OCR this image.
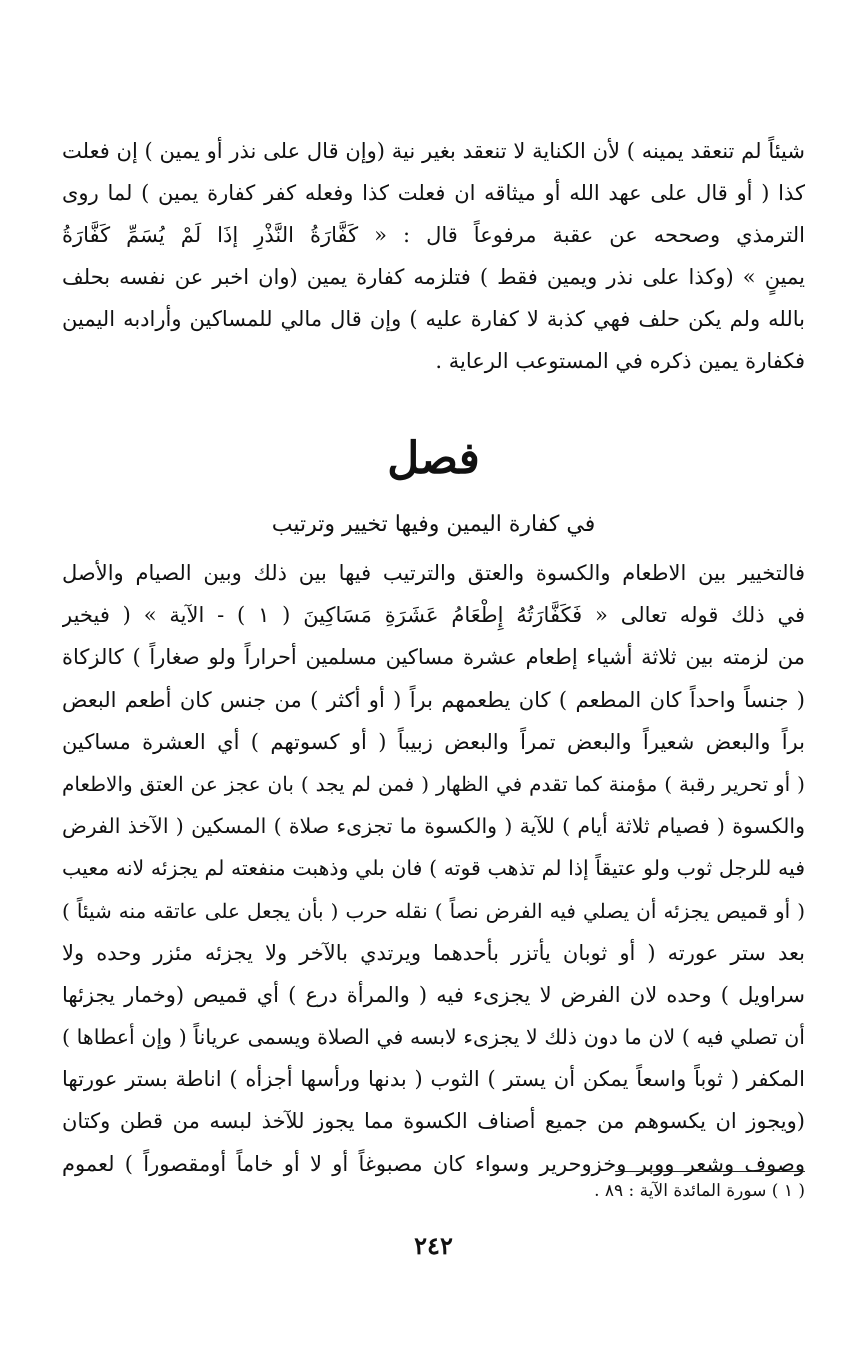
شيئاً لم تنعقد يمينه ) لأن الكناية لا تنعقد بغير نية (وإن قال على نذر أو يمين ) إن فعلت
كذا ( أو قال على عهد الله أو ميثاقه ان فعلت كذا وفعله كفر كفارة يمين ) لما روى
الترمذي وصححه عن عقبة مرفوعاً قال : « كَفَّارَةُ النَّذْرِ إذَا لَمْ يُسَمِّ كَفَّارَةُ
يمينٍ » (وكذا على نذر ويمين فقط ) فتلزمه كفارة يمين (وان اخبر عن نفسه بحلف
بالله ولم يكن حلف فهي كذبة لا كفارة عليه ) وإن قال مالي للمساكين وأرادبه اليمين
فكفارة يمين ذكره في المستوعب الرعاية .
فصل
في كفارة اليمين وفيها تخيير وترتيب
فالتخيير بين الاطعام والكسوة والعتق والترتيب فيها بين ذلك وبين الصيام والأصل
في ذلك قوله تعالى « فَكَفَّارَتُهُ إِطْعَامُ عَشَرَةِ مَسَاكِينَ ( ١ ) - الآية » ( فيخير
من لزمته بين ثلاثة أشياء إطعام عشرة مساكين مسلمين أحراراً ولو صغاراً ) كالزكاة
( جنساً واحداً كان المطعم ) كان يطعمهم براً ( أو أكثر ) من جنس كان أطعم البعض
براً والبعض شعيراً والبعض تمراً والبعض زبيباً ( أو كسوتهم ) أي العشرة مساكين
( أو تحرير رقبة ) مؤمنة كما تقدم في الظهار ( فمن لم يجد ) بان عجز عن العتق والاطعام
والكسوة ( فصيام ثلاثة أيام ) للآية ( والكسوة ما تجزىء صلاة ) المسكين ( الآخذ الفرض
فيه للرجل ثوب ولو عتيقاً إذا لم تذهب قوته ) فان بلي وذهبت منفعته لم يجزئه لانه معيب
( أو قميص يجزئه أن يصلي فيه الفرض نصاً ) نقله حرب ( بأن يجعل على عاتقه منه شيئاً )
بعد ستر عورته ( أو ثوبان يأتزر بأحدهما ويرتدي بالآخر ولا يجزئه مئزر وحده ولا
سراويل ) وحده لان الفرض لا يجزىء فيه ( والمرأة درع ) أي قميص (وخمار يجزئها
أن تصلي فيه ) لان ما دون ذلك لا يجزىء لابسه في الصلاة ويسمى عرياناً ( وإن أعطاها )
المكفر ( ثوباً واسعاً يمكن أن يستر ) الثوب ( بدنها ورأسها أجزأه ) اناطة بستر عورتها
(ويجوز ان يكسوهم من جميع أصناف الكسوة مما يجوز للآخذ لبسه من قطن وكتان
وصوف وشعر ووبر وخزوحرير وسواء كان مصبوغاً أو لا أو خاماً أومقصوراً ) لعموم
( ١ ) سورة المائدة الآية : ٨٩ .
٢٤٢
